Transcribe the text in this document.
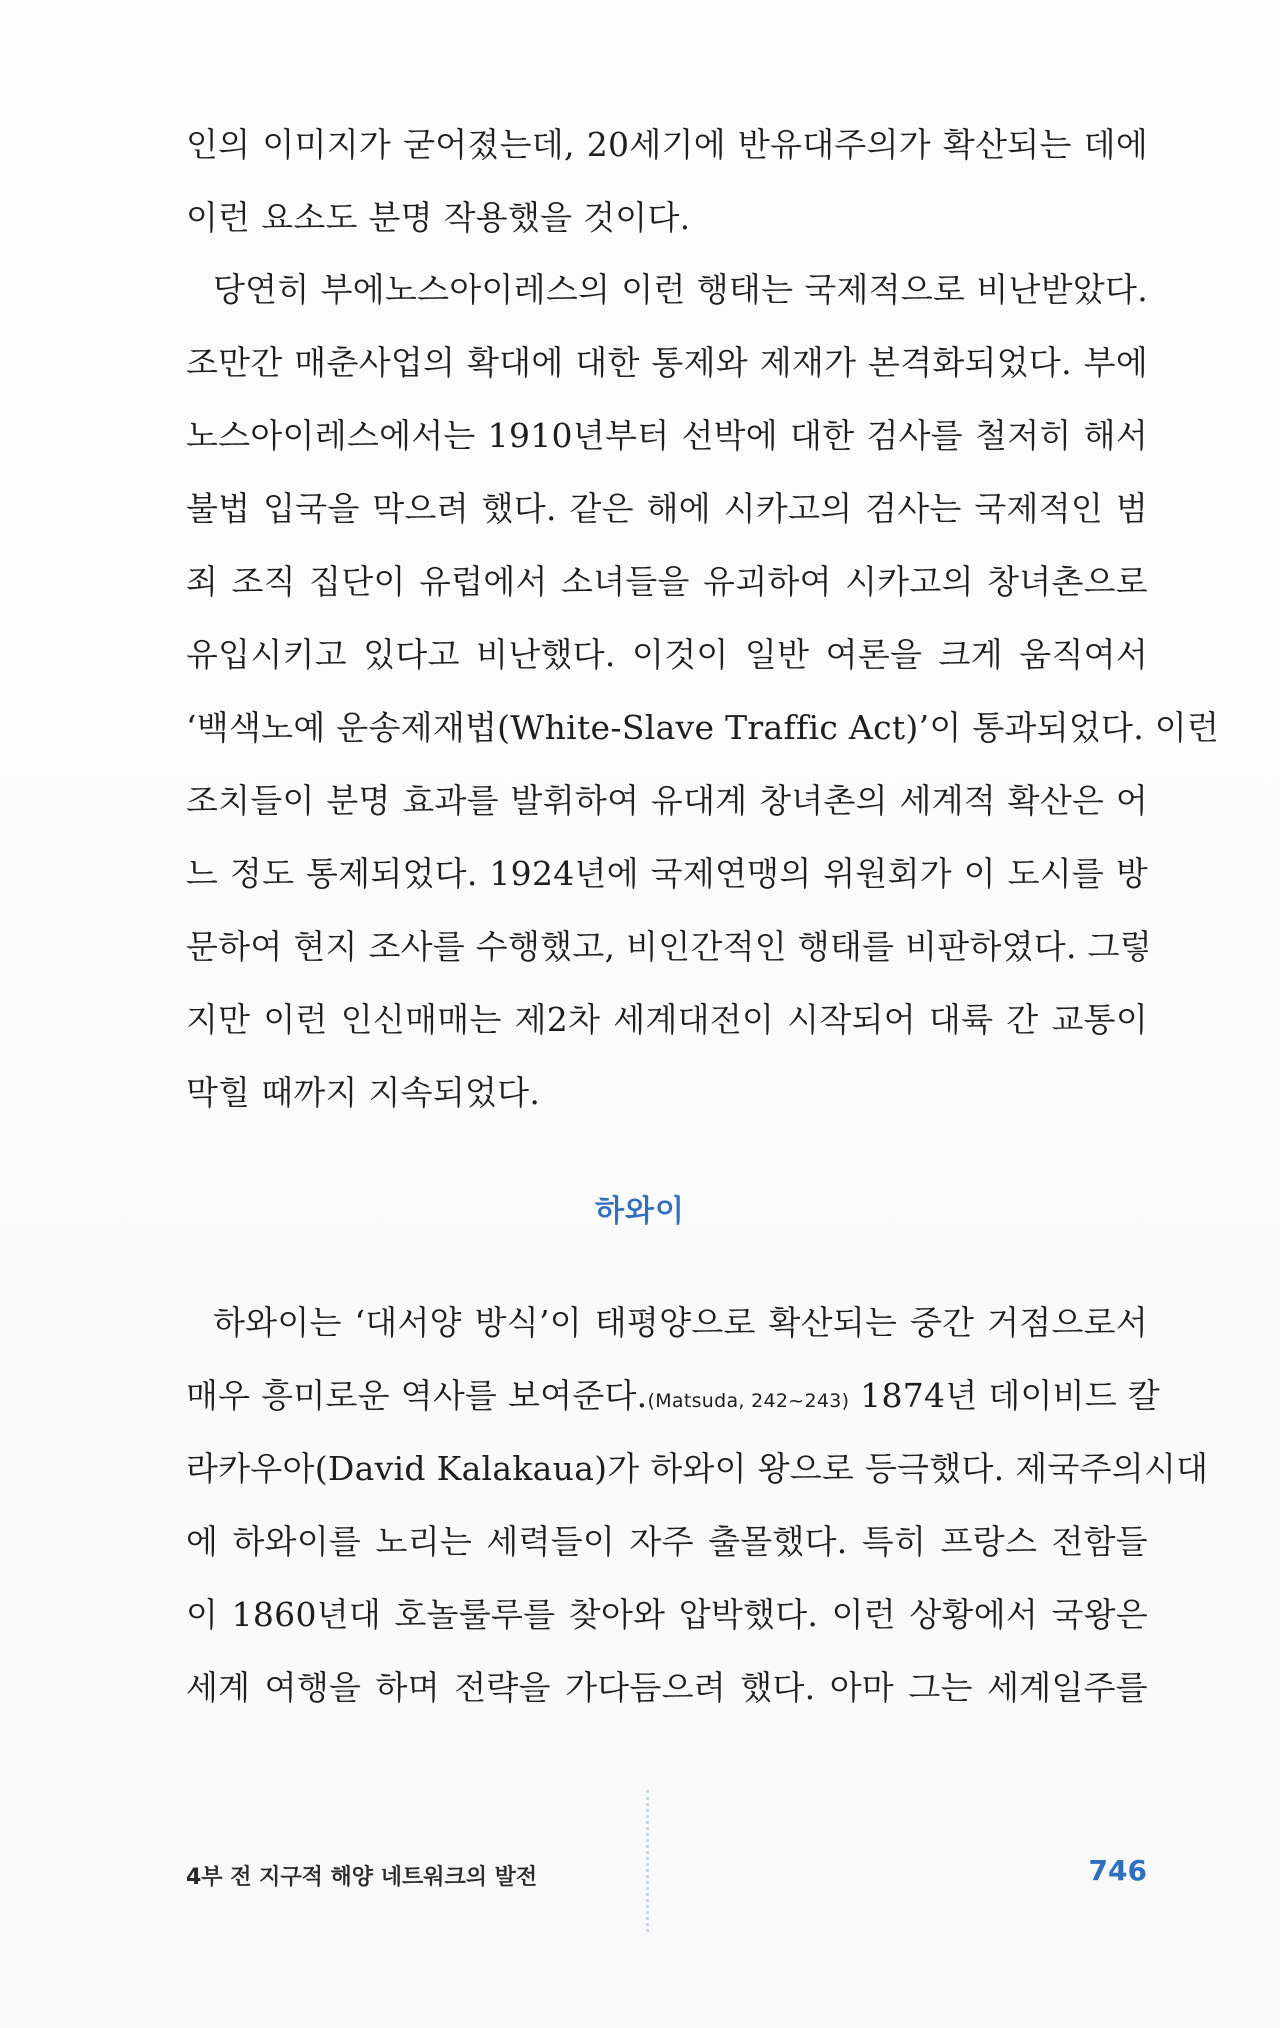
인의 이미지가 굳어졌는데, 20세기에 반유대주의가 확산되는 데에
이런 요소도 분명 작용했을 것이다.
당연히 부에노스아이레스의 이런 행태는 국제적으로 비난받았다.
조만간 매춘사업의 확대에 대한 통제와 제재가 본격화되었다. 부에
노스아이레스에서는 1910년부터 선박에 대한 검사를 철저히 해서
불법 입국을 막으려 했다. 같은 해에 시카고의 검사는 국제적인 범
죄 조직 집단이 유럽에서 소녀들을 유괴하여 시카고의 창녀촌으로
유입시키고 있다고 비난했다. 이것이 일반 여론을 크게 움직여서
‘백색노예 운송제재법(White-Slave Traffic Act)’이 통과되었다. 이런
조치들이 분명 효과를 발휘하여 유대계 창녀촌의 세계적 확산은 어
느 정도 통제되었다. 1924년에 국제연맹의 위원회가 이 도시를 방
문하여 현지 조사를 수행했고, 비인간적인 행태를 비판하였다. 그렇
지만 이런 인신매매는 제2차 세계대전이 시작되어 대륙 간 교통이
막힐 때까지 지속되었다.
하와이
하와이는 ‘대서양 방식’이 태평양으로 확산되는 중간 거점으로서
매우 흥미로운 역사를 보여준다.(Matsuda, 242~243) 1874년 데이비드 칼
라카우아(David Kalakaua)가 하와이 왕으로 등극했다. 제국주의시대
에 하와이를 노리는 세력들이 자주 출몰했다. 특히 프랑스 전함들
이 1860년대 호놀룰루를 찾아와 압박했다. 이런 상황에서 국왕은
세계 여행을 하며 전략을 가다듬으려 했다. 아마 그는 세계일주를
4부 전 지구적 해양 네트워크의 발전	746
